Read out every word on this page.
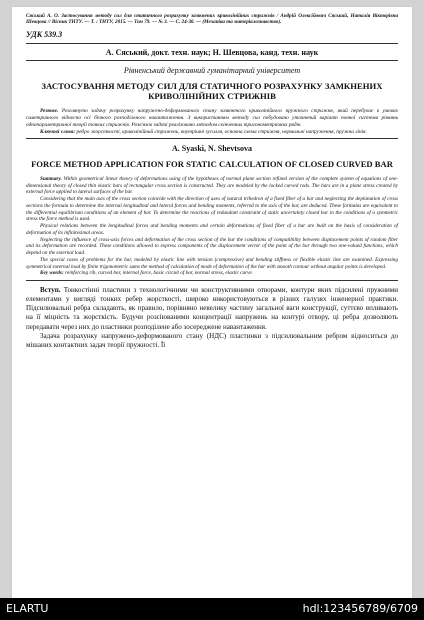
Сяський А. О. Застосування методу сил для статичного розрахунку замкнених криволінійних стрижнів / Андрій Олексійович Сяський, Наталія Вікторівна Шевцова // Вісник ТНТУ. — Т. : ТНТУ, 2015. — Том 79. — № 3. — С. 24-30. — (Механіка та матеріалознавство).

УДК 539.3

А. Сяський, докт. техн. наук; Н. Шевцова, канд. техн. наук

Рівненський державний гуманітарний університет

ЗАСТОСУВАННЯ МЕТОДУ СИЛ ДЛЯ СТАТИЧНОГО РОЗРАХУНКУ ЗАМКНЕНИХ КРИВОЛІНІЙНИХ СТРИЖНІВ

Резюме. Розглянуто задачу розрахунку напружено-деформованого стану замкненого криволінійного пружного стрижня, який перебуває в умовах симетричного відносно осі бічного розподіленого навантаження. З використанням методу сил побудовано уточнений варіант повної системи рівнянь однопараметричної теорії тонких стрижнів. Розв'язок задачі реалізовано методом скінченних тригонометричних рядів.

Ключові слова: ребро жорсткості, криволінійний стрижень, внутрішні зусилля, основна схема стрижня, нормальні напруження, пружна лінія.

A. Syaski, N. Shevtsova

FORCE METHOD APPLICATION FOR STATIC CALCULATION OF CLOSED CURVED BAR

Summary. Within geometrical linear theory of deformations using of the hypotheses of normal plane section refined version of the complete system of equations of one-dimensional theory of closed thin elastic bars of rectangular cross section is constructed. They are modeled by the locked curved rods. The bars are in a plane stress created by external force applied to lateral surfaces of the bar.

Considering that the main axis of the cross section coincide with the direction of axes of natural trihedron of a fixed fiber of a bar and neglecting the deplanation of cross sections the formula to determine the internal longitudinal and lateral forces and bending moments, referred to the axis of the bar, are deduced. These formulas are equivalent to the differential equilibrium conditions of an element of bar. To determine the reactions of redundant constraint of static uncertainty closed bar in the conditions of a symmetric stress the force method is used.

Physical relations between the longitudinal forces and bending moments and certain deformations of fixed fiber of a bar are built on the basis of consideration of deformation of its infinitesimal areas.

Neglecting the influence of cross-axis forces and deformation of the cross section of the bar the conditions of compatibility between displacement points of random fiber and its deformation are recorded. These conditions allowed to express components of the displacement vector of the point of the bar through two one-valued functions, which depend on the external load.

The special cases of problems for the bar, modeled by elastic line with tension (compressive) and bending stiffness or flexible elastic line are examined. Expressing symmetrical external load by finite trigonometric sums the method of calculation of mode of deformation of the bar with smooth contour without angular points is developed.

Key words: reinforcing rib, curved bar, internal force, basic circuit of bar, normal stress, elastic curve.

Вступ. Тонкостінні пластини з технологічними чи конструктивними отворами, контури яких підсилені пружними елементами у вигляді тонких ребер жорсткості, широко використовуються в різних галузях інженерної практики. Підсилювальні ребра складають, як правило, порівняно невелику частину загальної ваги конструкції, суттєво впливають на її міцність та жорсткість. Будучи розсіюваними концентрації напружень на контурі отвору, ці ребра дозволяють передавати через них до пластинки розподілене або зосереджене навантаження.

Задача розрахунку напружено-деформованого стану (НДС) пластинки з підсилювальним ребром відноситься до мішаних контактних задач теорії пружності. Її

ELARTU	hdl:123456789/6709
